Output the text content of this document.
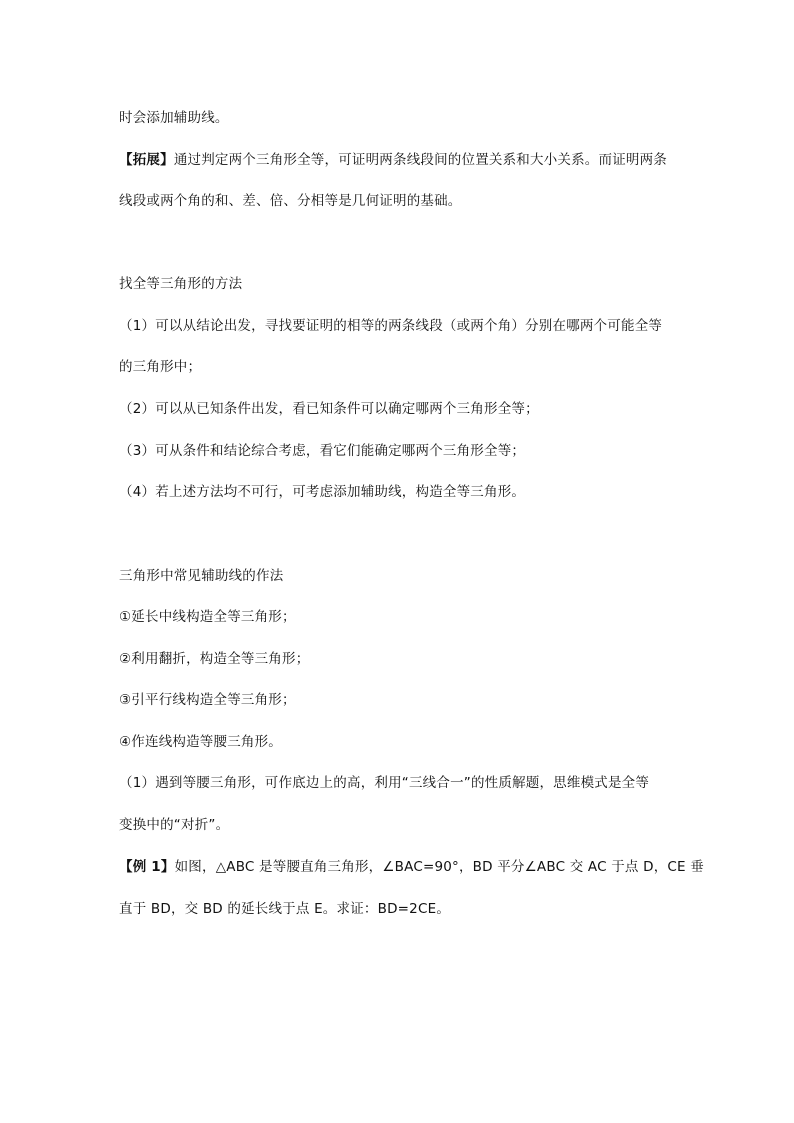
时会添加辅助线。
【拓展】通过判定两个三角形全等，可证明两条线段间的位置关系和大小关系。而证明两条
线段或两个角的和、差、倍、分相等是几何证明的基础。
找全等三角形的方法
（1）可以从结论出发，寻找要证明的相等的两条线段（或两个角）分别在哪两个可能全等
的三角形中；
（2）可以从已知条件出发，看已知条件可以确定哪两个三角形全等；
（3）可从条件和结论综合考虑，看它们能确定哪两个三角形全等；
（4）若上述方法均不可行，可考虑添加辅助线，构造全等三角形。
三角形中常见辅助线的作法
①延长中线构造全等三角形；
②利用翻折，构造全等三角形；
③引平行线构造全等三角形；
④作连线构造等腰三角形。
（1）遇到等腰三角形，可作底边上的高，利用“三线合一”的性质解题，思维模式是全等
变换中的“对折”。
【例 1】如图，△ABC 是等腰直角三角形，∠BAC=90°，BD 平分∠ABC 交 AC 于点 D，CE 垂
直于 BD，交 BD 的延长线于点 E。求证：BD=2CE。
